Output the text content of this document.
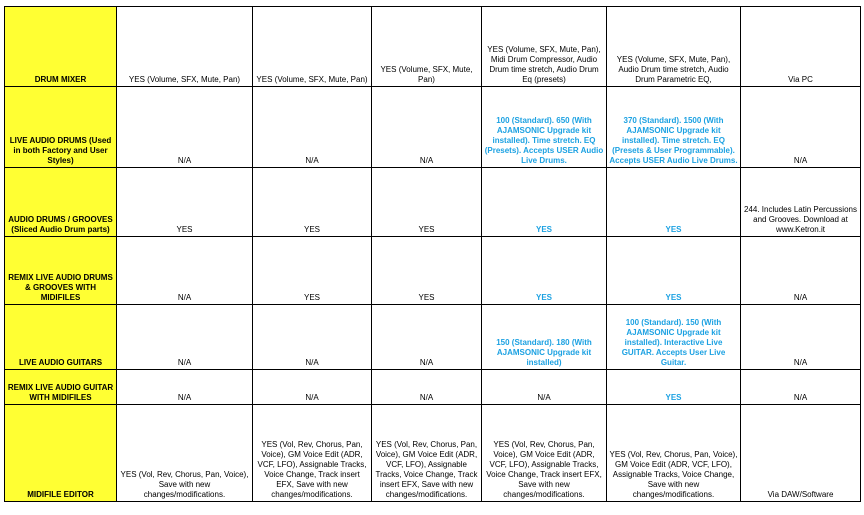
DRUM MIXER	YES (Volume, SFX, Mute, Pan)	YES (Volume, SFX, Mute, Pan)	YES (Volume, SFX, Mute, Pan)	YES (Volume, SFX, Mute, Pan), Midi Drum Compressor, Audio Drum time stretch, Audio Drum Eq (presets)	YES (Volume, SFX, Mute, Pan), Audio Drum time stretch, Audio Drum Parametric EQ,	Via PC
LIVE AUDIO DRUMS (Used in both Factory and User Styles)	N/A	N/A	N/A	100 (Standard). 650 (With AJAMSONIC Upgrade kit installed). Time stretch. EQ (Presets). Accepts USER Audio Live Drums.	370 (Standard). 1500 (With AJAMSONIC Upgrade kit installed). Time stretch. EQ (Presets & User Programmable). Accepts USER Audio Live Drums.	N/A
AUDIO DRUMS / GROOVES (Sliced Audio Drum parts)	YES	YES	YES	YES	YES	244. Includes Latin Percussions and Grooves. Download at www.Ketron.it
REMIX LIVE AUDIO DRUMS & GROOVES WITH MIDIFILES	N/A	YES	YES	YES	YES	N/A
LIVE AUDIO GUITARS	N/A	N/A	N/A	150 (Standard). 180 (With AJAMSONIC Upgrade kit installed)	100 (Standard). 150 (With AJAMSONIC Upgrade kit installed). Interactive Live GUITAR. Accepts User Live Guitar.	N/A
REMIX LIVE AUDIO GUITAR WITH MIDIFILES	N/A	N/A	N/A	N/A	YES	N/A
MIDIFILE EDITOR	YES (Vol, Rev, Chorus, Pan, Voice), Save with new changes/modifications.	YES (Vol, Rev, Chorus, Pan, Voice), GM Voice Edit (ADR, VCF, LFO), Assignable Tracks, Voice Change, Track insert EFX, Save with new changes/modifications.	YES (Vol, Rev, Chorus, Pan, Voice), GM Voice Edit (ADR, VCF, LFO), Assignable Tracks, Voice Change, Track insert EFX, Save with new changes/modifications.	YES (Vol, Rev, Chorus, Pan, Voice), GM Voice Edit (ADR, VCF, LFO), Assignable Tracks, Voice Change, Track insert EFX, Save with new changes/modifications.	YES (Vol, Rev, Chorus, Pan, Voice), GM Voice Edit (ADR, VCF, LFO), Assignable Tracks, Voice Change, Save with new changes/modifications.	Via DAW/Software
